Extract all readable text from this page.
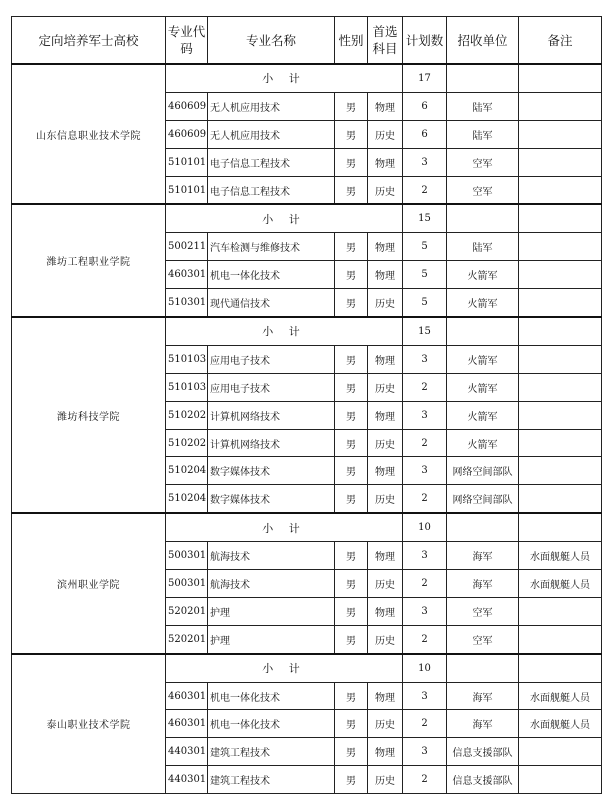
定向培养军士高校	专业代码	专业名称	性别	首选科目	计划数	招收单位	备注
山东信息职业技术学院	小 计				17		
	460609	无人机应用技术	男	物理	6	陆军	
	460609	无人机应用技术	男	历史	6	陆军	
	510101	电子信息工程技术	男	物理	3	空军	
	510101	电子信息工程技术	男	历史	2	空军	
潍坊工程职业学院	小 计				15		
	500211	汽车检测与维修技术	男	物理	5	陆军	
	460301	机电一体化技术	男	物理	5	火箭军	
	510301	现代通信技术	男	历史	5	火箭军	
潍坊科技学院	小 计				15		
	510103	应用电子技术	男	物理	3	火箭军	
	510103	应用电子技术	男	历史	2	火箭军	
	510202	计算机网络技术	男	物理	3	火箭军	
	510202	计算机网络技术	男	历史	2	火箭军	
	510204	数字媒体技术	男	物理	3	网络空间部队	
	510204	数字媒体技术	男	历史	2	网络空间部队	
滨州职业学院	小 计				10		
	500301	航海技术	男	物理	3	海军	水面舰艇人员
	500301	航海技术	男	历史	2	海军	水面舰艇人员
	520201	护理	男	物理	3	空军	
	520201	护理	男	历史	2	空军	
泰山职业技术学院	小 计				10		
	460301	机电一体化技术	男	物理	3	海军	水面舰艇人员
	460301	机电一体化技术	男	历史	2	海军	水面舰艇人员
	440301	建筑工程技术	男	物理	3	信息支援部队	
	440301	建筑工程技术	男	历史	2	信息支援部队	
